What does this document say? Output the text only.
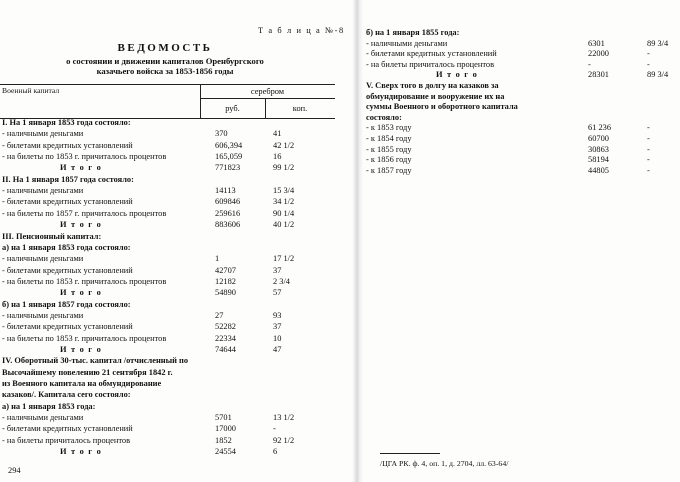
Т а б л и ц а №-8
ВЕДОМОСТЬ
о состоянии и движении капиталов Оренбургского
казачьего войска за 1853-1856 годы
Военный капитал	серебром
руб.	коп.
I. На 1 января 1853 года состояло:
- наличными деньгами	370	41
- билетами кредитных установлений	606,394	42 1/2
- на билеты по 1853 г. причиталось процентов	165,059	16
И т о г о	771823	99 1/2
II. На 1 января 1857 года состояло:
- наличными деньгами	14113	15 3/4
- билетами кредитных установлений	609846	34 1/2
- на билеты по 1857 г. причиталось процентов	259616	90 1/4
И т о г о	883606	40 1/2
III. Пенсионный капитал:
а) на 1 января 1853 года состояло:
- наличными деньгами	1	17 1/2
- билетами кредитных установлений	42707	37
- на билеты по 1853 г. причиталось процентов	12182	2 3/4
И т о г о	54890	57
б) на 1 января 1857 года состояло:
- наличными деньгами	27	93
- билетами кредитных установлений	52282	37
- на билеты по 1853 г. причиталось процентов	22334	10
И т о г о	74644	47
IV. Оборотный 30-тыс. капитал /отчисленный по
Высочайшему повелению 21 сентября 1842 г.
из Военного капитала на обмундирование
казаков/. Капитала сего состояло:
а) на 1 января 1853 года:
- наличными деньгами	5701	13 1/2
- билетами кредитных установлений	17000	-
- на билеты причиталось процентов	1852	92 1/2
И т о г о	24554	6
294
б) на 1 января 1855 года:
- наличными деньгами	6301	89 3/4
- билетами кредитных установлений	22000	-
- на билеты причиталось процентов	-	-
И т о г о	28301	89 3/4
V. Сверх того в долгу на казаков за
обмундирование и вооружение их на
суммы Военного и оборотного капитала
состояло:
- к 1853 году	61 236	-
- к 1854 году	60700	-
- к 1855 году	30863	-
- к 1856 году	58194	-
- к 1857 году	44805	-
/ЦГА РК. ф. 4, оп. 1, д. 2704, лл. 63-64/
